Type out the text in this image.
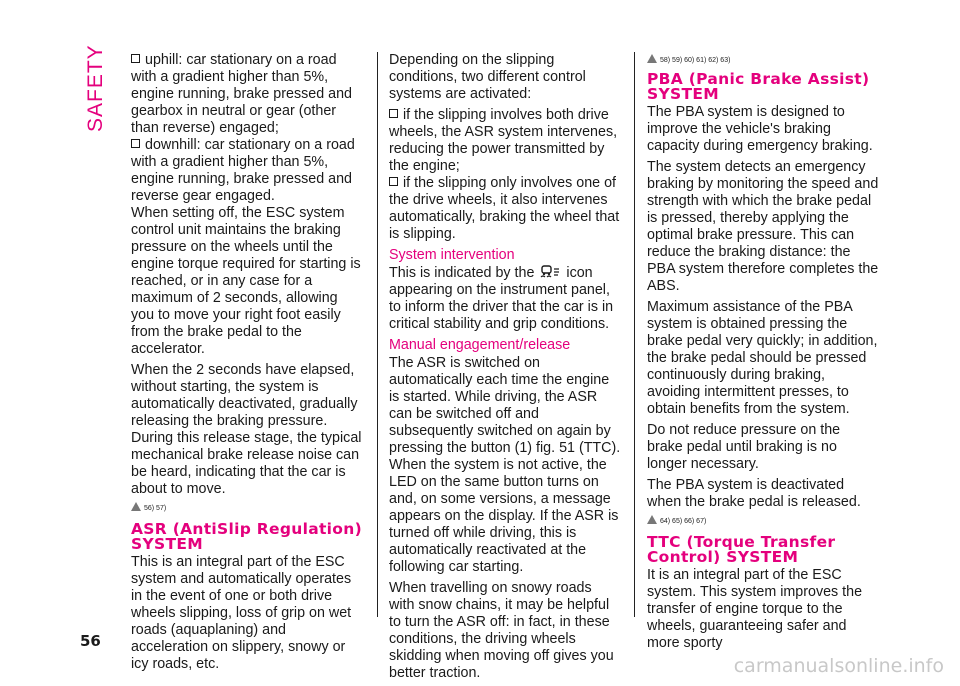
SAFETY	uphill: car stationary on a road with a gradient higher than 5%, engine running, brake pressed and gearbox in neutral or gear (other than reverse) engaged;

downhill: car stationary on a road with a gradient higher than 5%, engine running, brake pressed and reverse gear engaged.

When setting off, the ESC system control unit maintains the braking pressure on the wheels until the engine torque required for starting is reached, or in any case for a maximum of 2 seconds, allowing you to move your right foot easily from the brake pedal to the accelerator.

When the 2 seconds have elapsed, without starting, the system is automatically deactivated, gradually releasing the braking pressure.

During this release stage, the typical mechanical brake release noise can be heard, indicating that the car is about to move.

56) 57)
ASR (AntiSlip Regulation) SYSTEM

This is an integral part of the ESC system and automatically operates in the event of one or both drive wheels slipping, loss of grip on wet roads (aquaplaning) and acceleration on slippery, snowy or icy roads, etc.

Depending on the slipping conditions, two different control systems are activated:

if the slipping involves both drive wheels, the ASR system intervenes, reducing the power transmitted by the engine;

if the slipping only involves one of the drive wheels, it also intervenes automatically, braking the wheel that is slipping.

System intervention

This is indicated by the icon appearing on the instrument panel, to inform the driver that the car is in critical stability and grip conditions.

Manual engagement/release

The ASR is switched on automatically each time the engine is started. While driving, the ASR can be switched off and subsequently switched on again by pressing the button (1) fig. 51 (TTC). When the system is not active, the LED on the same button turns on and, on some versions, a message appears on the display. If the ASR is turned off while driving, this is automatically reactivated at the following car starting.

When travelling on snowy roads with snow chains, it may be helpful to turn the ASR off: in fact, in these conditions, the driving wheels skidding when moving off gives you better traction.

58) 59) 60) 61) 62) 63)
PBA (Panic Brake Assist) SYSTEM

The PBA system is designed to improve the vehicle's braking capacity during emergency braking.

The system detects an emergency braking by monitoring the speed and strength with which the brake pedal is pressed, thereby applying the optimal brake pressure. This can reduce the braking distance: the PBA system therefore completes the ABS.

Maximum assistance of the PBA system is obtained pressing the brake pedal very quickly; in addition, the brake pedal should be pressed continuously during braking, avoiding intermittent presses, to obtain benefits from the system.

Do not reduce pressure on the brake pedal until braking is no longer necessary.

The PBA system is deactivated when the brake pedal is released.

64) 65) 66) 67)
TTC (Torque Transfer Control) SYSTEM

It is an integral part of the ESC system. This system improves the transfer of engine torque to the wheels, guaranteeing safer and more sporty

56
carmanualsonline.info
